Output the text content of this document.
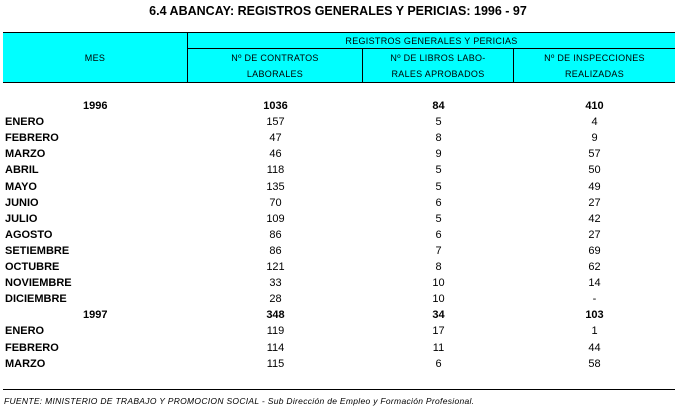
6.4 ABANCAY: REGISTROS GENERALES Y PERICIAS: 1996 - 97
MES
REGISTROS GENERALES Y PERICIAS
Nº DE CONTRATOS
LABORALES
Nº DE LIBROS LABO-
RALES APROBADOS
Nº DE INSPECCIONES
REALIZADAS
1996	1036	84	410
ENERO	157	5	4
FEBRERO	47	8	9
MARZO	46	9	57
ABRIL	118	5	50
MAYO	135	5	49
JUNIO	70	6	27
JULIO	109	5	42
AGOSTO	86	6	27
SETIEMBRE	86	7	69
OCTUBRE	121	8	62
NOVIEMBRE	33	10	14
DICIEMBRE	28	10	-
1997	348	34	103
ENERO	119	17	1
FEBRERO	114	11	44
MARZO	115	6	58
FUENTE: MINISTERIO DE TRABAJO Y PROMOCION SOCIAL - Sub Dirección de Empleo y Formación Profesional.
